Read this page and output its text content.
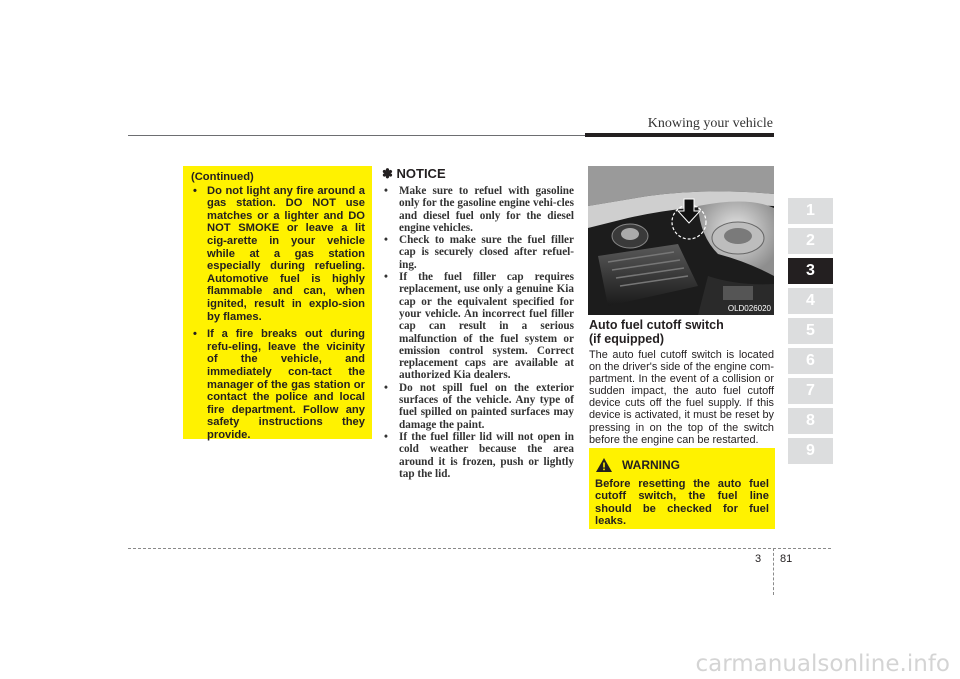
Knowing your vehicle
1
2
3
4
5
6
7
8
9
(Continued)
• Do not light any fire around a gas station. DO NOT use matches or a lighter and DO NOT SMOKE or leave a lit cig-arette in your vehicle while at a gas station especially during refueling. Automotive fuel is highly flammable and can, when ignited, result in explo-sion by flames.
• If a fire breaks out during refu-eling, leave the vicinity of the vehicle, and immediately con-tact the manager of the gas station or contact the police and local fire department. Follow any safety instructions they provide.
✽ NOTICE
• Make sure to refuel with gasoline only for the gasoline engine vehi-cles and diesel fuel only for the diesel engine vehicles.
• Check to make sure the fuel filler cap is securely closed after refuel-ing.
• If the fuel filler cap requires replacement, use only a genuine Kia cap or the equivalent specified for your vehicle. An incorrect fuel filler cap can result in a serious malfunction of the fuel system or emission control system. Correct replacement caps are available at authorized Kia dealers.
• Do not spill fuel on the exterior surfaces of the vehicle. Any type of fuel spilled on painted surfaces may damage the paint.
• If the fuel filler lid will not open in cold weather because the area around it is frozen, push or lightly tap the lid.
OLD026020
Auto fuel cutoff switch
(if equipped)
The auto fuel cutoff switch is located on the driver's side of the engine com-partment. In the event of a collision or sudden impact, the auto fuel cutoff device cuts off the fuel supply. If this device is activated, it must be reset by pressing in on the top of the switch before the engine can be restarted.
WARNING
Before resetting the auto fuel cutoff switch, the fuel line should be checked for fuel leaks.
3 81
carmanualsonline.info
